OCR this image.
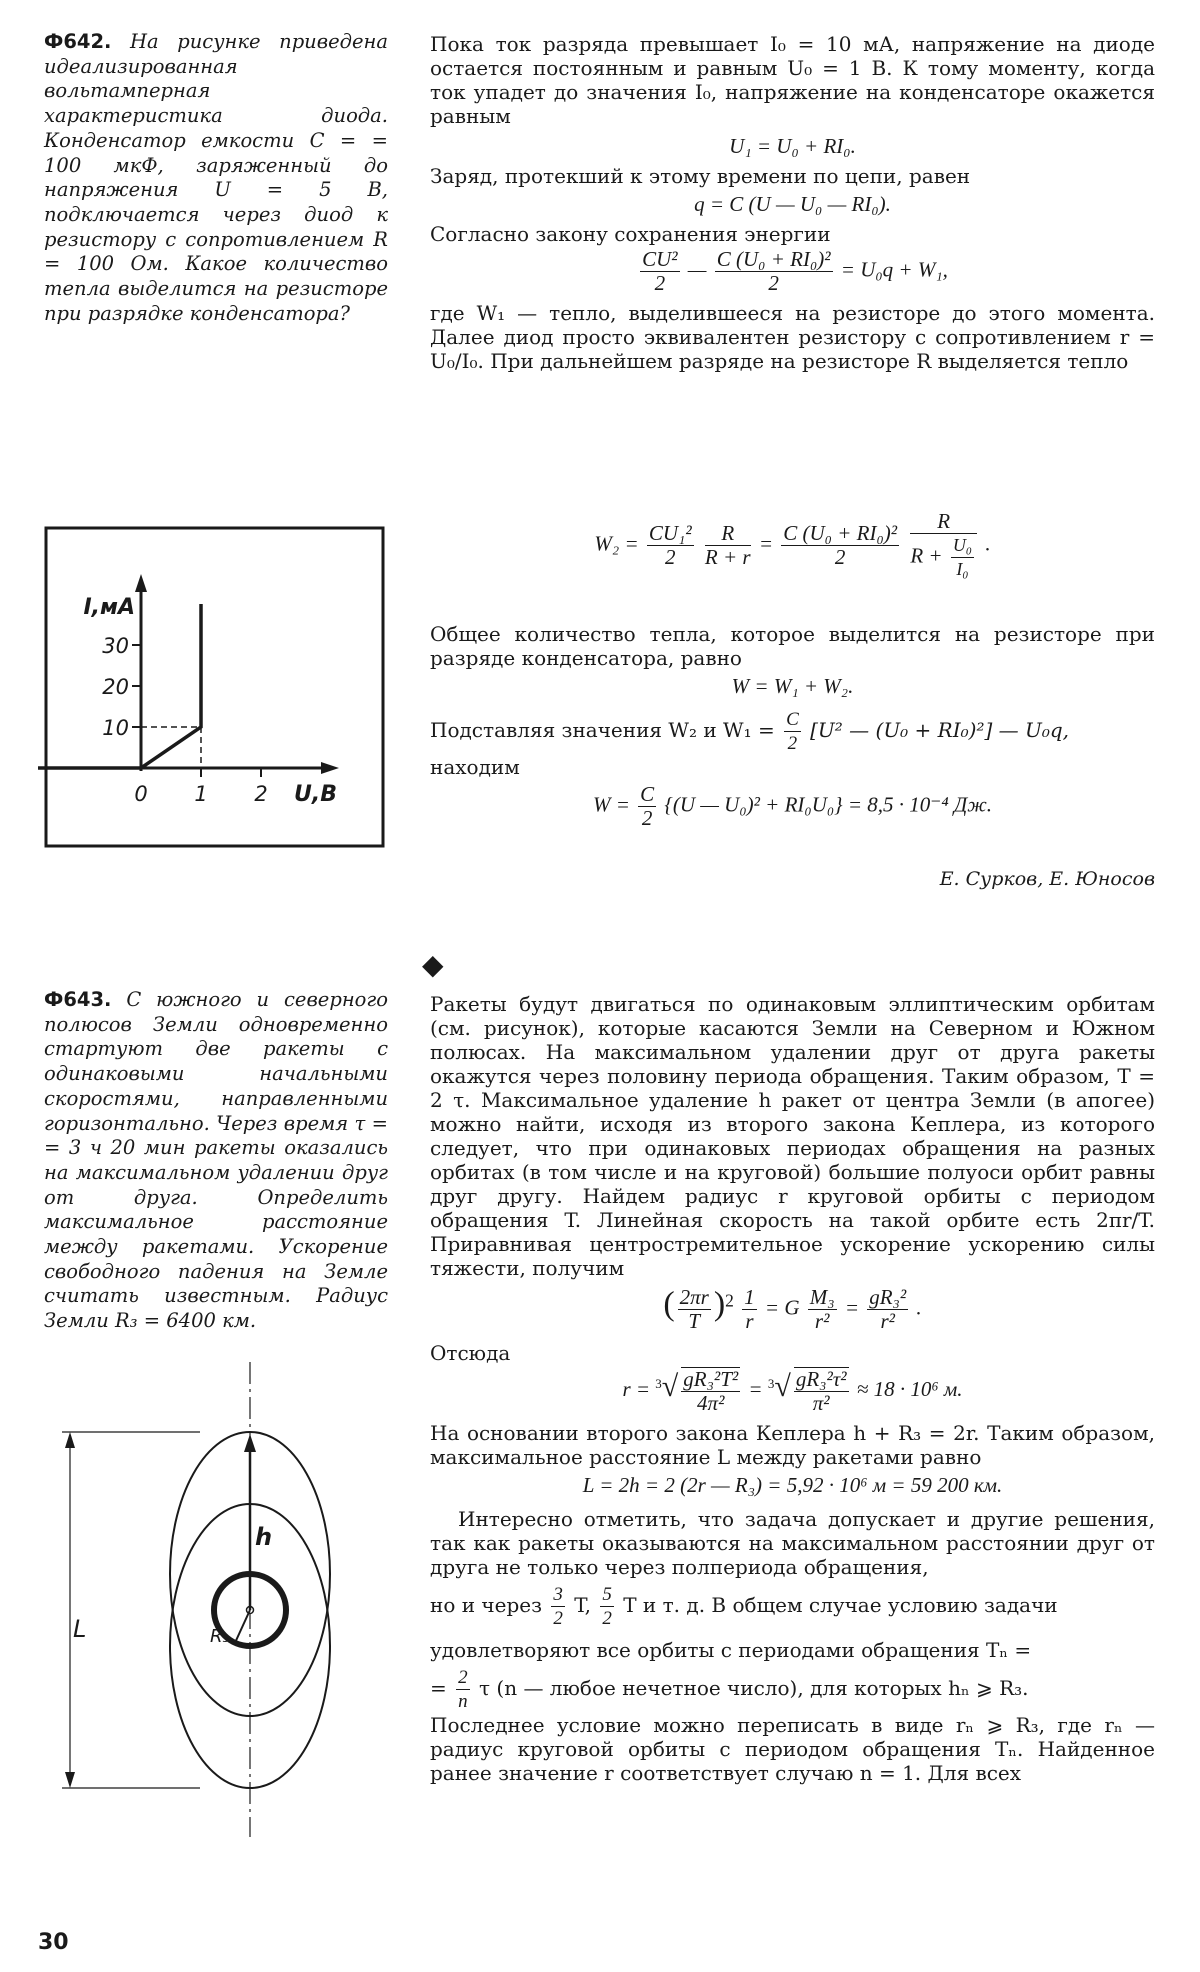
Ф642. На рисунке приведена идеализированная вольтамперная характеристика диода. Конденсатор емкости C = = 100 мкФ, заряженный до напряжения U = 5 В, подключается через диод к резистору с сопротивлением R = 100 Ом. Какое количество тепла выделится на резисторе при разрядке конденсатора?

Пока ток разряда превышает I₀ = 10 мА, напряжение на диоде остается постоянным и равным U₀ = 1 В. К тому моменту, когда ток упадет до значения I₀, напряжение на конденсаторе окажется равным

U₁ = U₀ + RI₀.

Заряд, протекший к этому времени по цепи, равен

q = C (U — U₀ — RI₀).

Согласно закону сохранения энергии

$\frac{\text{CU²}}{2}$ — $\frac{\text{C (U₀ + RI₀)²}}{2} = U_0q + W_1$,

где W₁ — тепло, выделившееся на резисторе до этого момента. Далее диод просто эквивалентен резистору с сопротивлением r = U₀/I₀. При дальнейшем разряде на резисторе R выделяется тепло

$W_2 = \frac{\text{CU₁²}}{2}$
$\frac{R}{R + r} = \frac{\text{C (U₀ + RI₀)²}}{2}$
$\frac{R}{R + \frac{\text{U₀}}{\text{I₀}}}$ .

Общее количество тепла, которое выделится на резисторе при разряде конденсатора, равно

W = W₁ + W₂.

Подставляя значения W₂ и $W_1 = \frac{C}{2} [U^2$ — (U₀ + RI₀)²] — U₀q,

находим

$W = \frac{C}{2} \{(U$ — U₀)² + RI₀U₀} = 8,5 · 10⁻⁴ Дж.
Е. Сурков, Е. Юносов
10
20
30
0 1 2
I,мА
U,В
Ф643. С южного и северного полюсов Земли одновременно стартуют две ракеты с одинаковыми начальными скоростями, направленными горизонтально. Через время τ = = 3 ч 20 мин ракеты оказались на максимальном удалении друг от друга. Определить максимальное расстояние между ракетами. Ускорение свободного падения на Земле считать известным. Радиус Земли R₃ = 6400 км.
h
L	R₃
◆

Ракеты будут двигаться по одинаковым эллиптическим орбитам (см. рисунок), которые касаются Земли на Северном и Южном полюсах. На максимальном удалении друг от друга ракеты окажутся через половину периода обращения. Таким образом, T = 2 τ. Максимальное удаление h ракет от центра Земли (в апогее) можно найти, исходя из второго закона Кеплера, из которого следует, что при одинаковых периодах обращения на разных орбитах (в том числе и на круговой) большие полуоси орбит равны друг другу. Найдем радиус r круговой орбиты с периодом обращения T. Линейная скорость на такой орбите есть 2πr/T. Приравнивая центростремительное ускорение ускорению силы тяжести, получим

( $\frac{2\pi r}{T} )^2 \frac{1}{r} = G \frac{\text{M₃}}{\text{r²}} = \frac{\text{gR₃²}}{\text{r²}}$ .

Отсюда

$r = ^3√ \frac{\text{gR₃²T²}}{\text{4π²}} = ^3√ \frac{\text{gR₃²τ²}}{\text{π²}} \approx 18 \cdot 10^6$ м.

На основании второго закона Кеплера h + R₃ = 2r. Таким образом, максимальное расстояние L между ракетами равно

L = 2h = 2 (2r — R₃) = 5,92 · 10⁶ м = 59 200 км.

Интересно отметить, что задача допускает и другие решения, так как ракеты оказываются на максимальном расстоянии друг от друга не только через полпериода обращения,

но и через $\frac{3}{2} T$, $\frac{5}{2}$ T и т. д. В общем случае условию задачи

удовлетворяют все орбиты с периодами обращения Tₙ =

= $\frac{2}{n}$ τ (n — любое нечетное число), для которых hₙ ⩾ R₃.

Последнее условие можно переписать в виде rₙ ⩾ R₃, где rₙ — радиус круговой орбиты с периодом обращения Tₙ. Найденное ранее значение r соответствует случаю n = 1. Для всех

30
